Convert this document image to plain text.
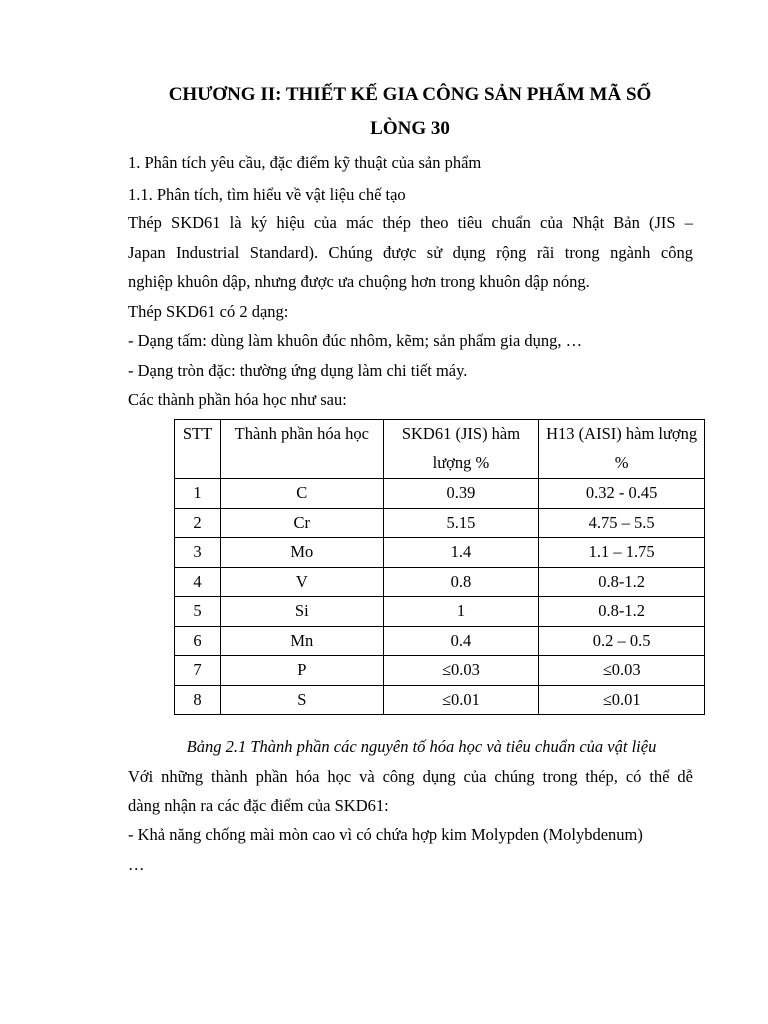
CHƯƠNG II: THIẾT KẾ GIA CÔNG SẢN PHẨM MÃ SỐ
LÒNG 30
1. Phân tích yêu cầu, đặc điểm kỹ thuật của sản phẩm
1.1. Phân tích, tìm hiểu về vật liệu chế tạo
Thép SKD61 là ký hiệu của mác thép theo tiêu chuẩn của Nhật Bản (JIS –
Japan Industrial Standard). Chúng được sử dụng rộng rãi trong ngành công
nghiệp khuôn dập, nhưng được ưa chuộng hơn trong khuôn dập nóng.
Thép SKD61 có 2 dạng:
- Dạng tấm: dùng làm khuôn đúc nhôm, kẽm; sản phẩm gia dụng, …
- Dạng tròn đặc: thường ứng dụng làm chi tiết máy.
Các thành phần hóa học như sau:
STT	Thành phần hóa học	SKD61 (JIS) hàm lượng %	H13 (AISI) hàm lượng %
1	C	0.39	0.32 - 0.45
2	Cr	5.15	4.75 – 5.5
3	Mo	1.4	1.1 – 1.75
4	V	0.8	0.8-1.2
5	Si	1	0.8-1.2
6	Mn	0.4	0.2 – 0.5
7	P	≤0.03	≤0.03
8	S	≤0.01	≤0.01
Bảng 2.1 Thành phần các nguyên tố hóa học và tiêu chuẩn của vật liệu
Với những thành phần hóa học và công dụng của chúng trong thép, có thể dễ
dàng nhận ra các đặc điểm của SKD61:
- Khả năng chống mài mòn cao vì có chứa hợp kim Molypden (Molybdenum)
…
